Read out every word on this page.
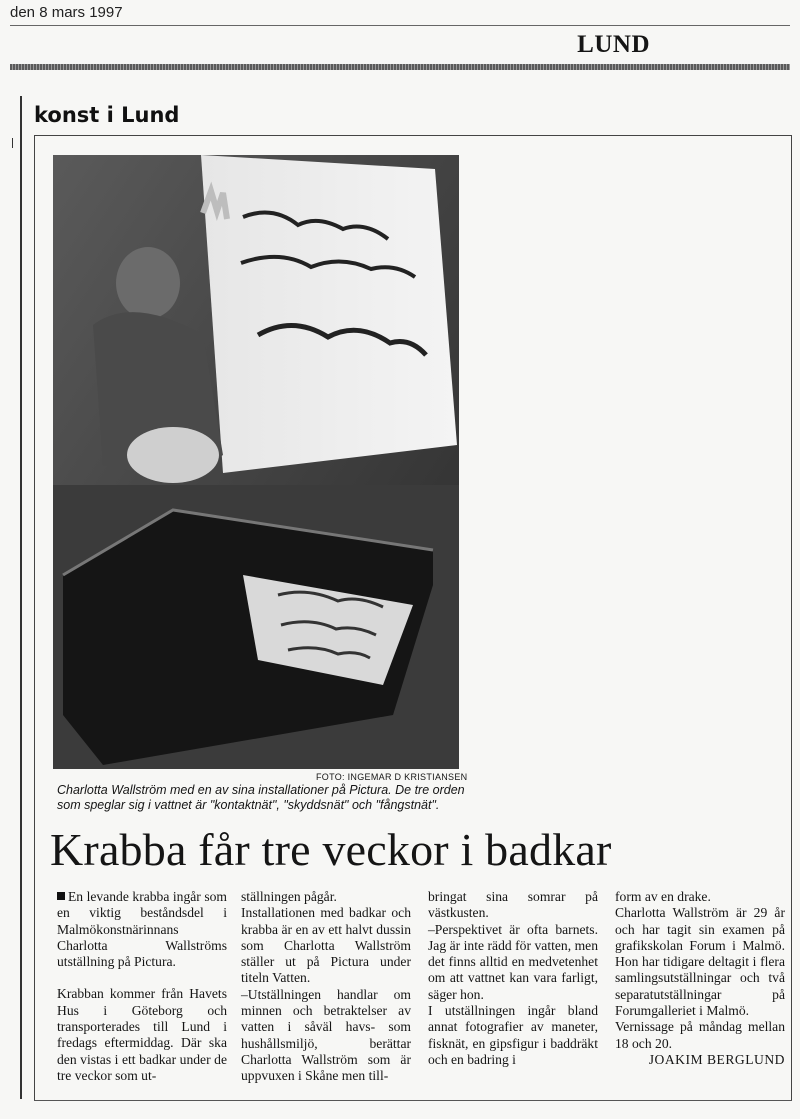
den 8 mars 1997
LUND
konst i Lund
FOTO: INGEMAR D KRISTIANSEN
Charlotta Wallström med en av sina installationer på Pictura. De tre orden som speglar sig i vattnet är "kontaktnät", "skyddsnät" och "fångstnät".
Krabba får tre veckor i badkar

En levande krabba ingår som en viktig beståndsdel i Malmökonstnärinnans Charlotta Wallströms utställning på Pictura.

Krabban kommer från Havets Hus i Göteborg och transporterades till Lund i fredags eftermiddag. Där ska den vistas i ett badkar under de tre veckor som ut-

ställningen pågår.

Installationen med badkar och krabba är en av ett halvt dussin som Charlotta Wallström ställer ut på Pictura under titeln Vatten.

–Utställningen handlar om minnen och betraktelser av vatten i såväl havs- som hushållsmiljö, berättar Charlotta Wallström som är uppvuxen i Skåne men till-

bringat sina somrar på västkusten.

–Perspektivet är ofta barnets. Jag är inte rädd för vatten, men det finns alltid en medvetenhet om att vattnet kan vara farligt, säger hon.

I utställningen ingår bland annat fotografier av maneter, fisknät, en gipsfigur i baddräkt och en badring i

form av en drake.

Charlotta Wallström är 29 år och har tagit sin examen på grafikskolan Forum i Malmö. Hon har tidigare deltagit i flera samlingsutställningar och två separatutställningar på Forumgalleriet i Malmö.

Vernissage på måndag mellan 18 och 20.

JOAKIM BERGLUND
